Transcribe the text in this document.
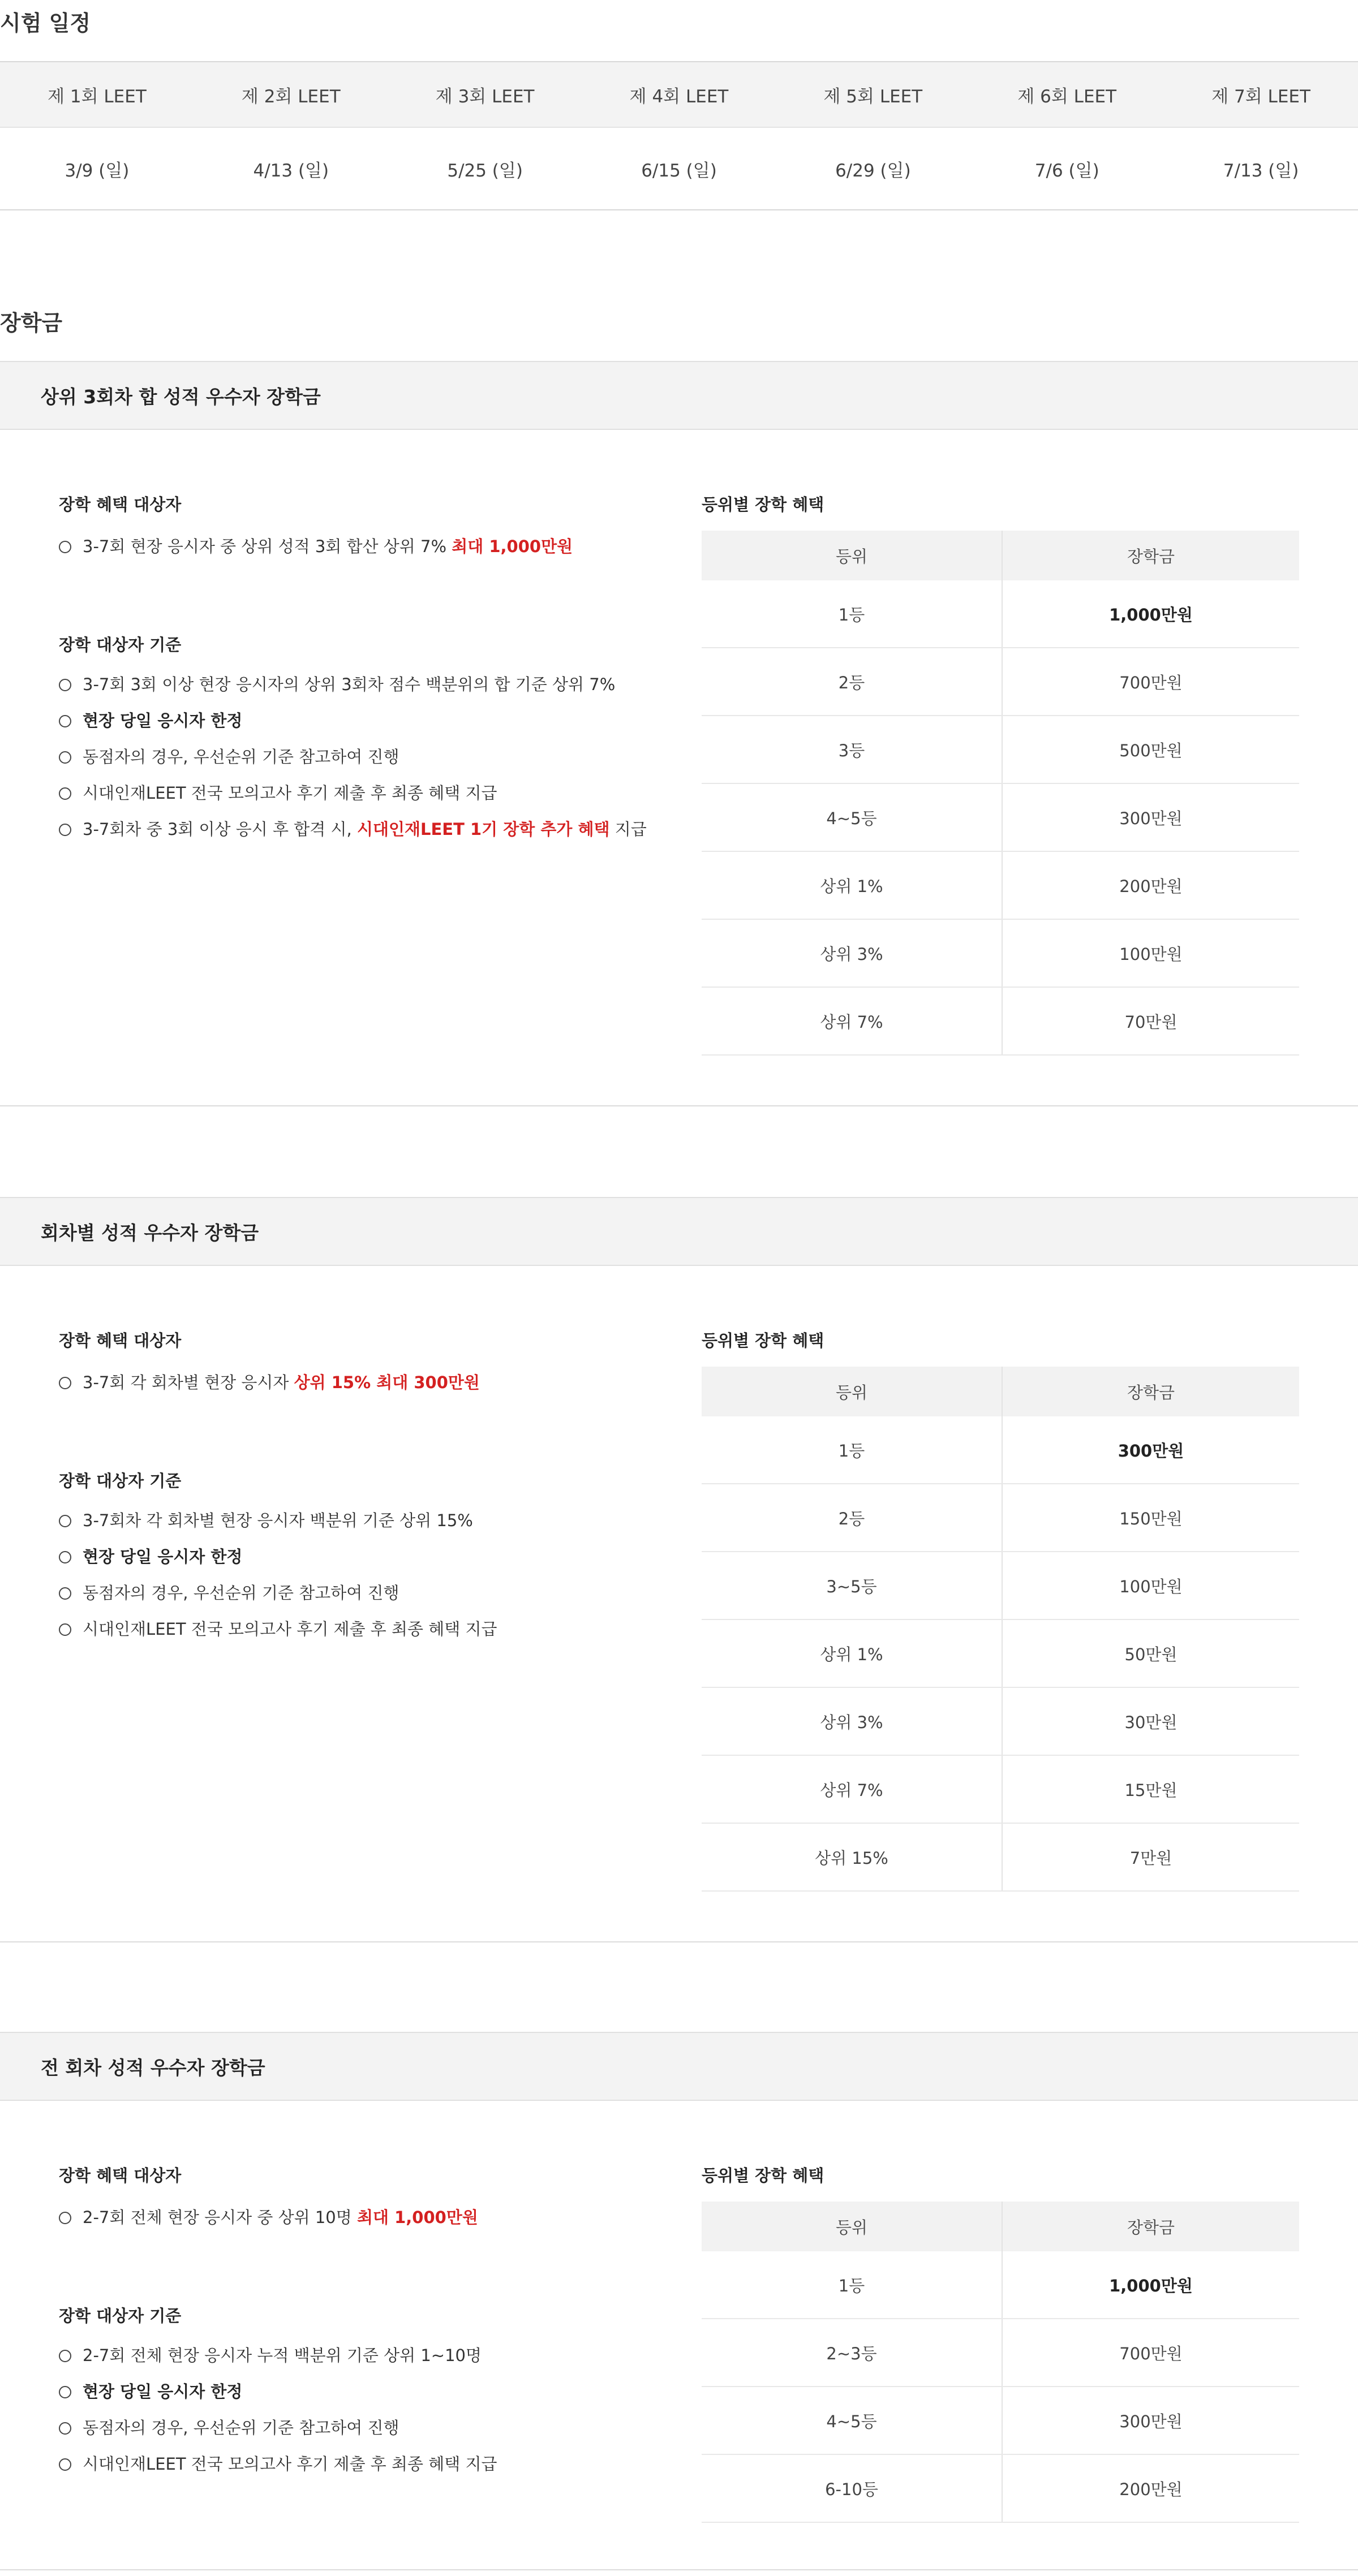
시험 일정
제 1회 LEET	제 2회 LEET	제 3회 LEET	제 4회 LEET	제 5회 LEET	제 6회 LEET	제 7회 LEET
3/9 (일)	4/13 (일)	5/25 (일)	6/15 (일)	6/29 (일)	7/6 (일)	7/13 (일)
장학금
상위 3회차 합 성적 우수자 장학금
장학 혜택 대상자
3-7회 현장 응시자 중 상위 성적 3회 합산 상위 7% 최대 1,000만원
장학 대상자 기준
3-7회 3회 이상 현장 응시자의 상위 3회차 점수 백분위의 합 기준 상위 7%
현장 당일 응시자 한정
동점자의 경우, 우선순위 기준 참고하여 진행
시대인재LEET 전국 모의고사 후기 제출 후 최종 혜택 지급
3-7회차 중 3회 이상 응시 후 합격 시, 시대인재LEET 1기 장학 추가 혜택 지급
등위별 장학 혜택
등위	장학금
1등	1,000만원
2등	700만원
3등	500만원
4~5등	300만원
상위 1%	200만원
상위 3%	100만원
상위 7%	70만원
회차별 성적 우수자 장학금
장학 혜택 대상자
3-7회 각 회차별 현장 응시자 상위 15% 최대 300만원
장학 대상자 기준
3-7회차 각 회차별 현장 응시자 백분위 기준 상위 15%
현장 당일 응시자 한정
동점자의 경우, 우선순위 기준 참고하여 진행
시대인재LEET 전국 모의고사 후기 제출 후 최종 혜택 지급
등위별 장학 혜택
등위	장학금
1등	300만원
2등	150만원
3~5등	100만원
상위 1%	50만원
상위 3%	30만원
상위 7%	15만원
상위 15%	7만원
전 회차 성적 우수자 장학금
장학 혜택 대상자
2-7회 전체 현장 응시자 중 상위 10명 최대 1,000만원
장학 대상자 기준
2-7회 전체 현장 응시자 누적 백분위 기준 상위 1~10명
현장 당일 응시자 한정
동점자의 경우, 우선순위 기준 참고하여 진행
시대인재LEET 전국 모의고사 후기 제출 후 최종 혜택 지급
등위별 장학 혜택
등위	장학금
1등	1,000만원
2~3등	700만원
4~5등	300만원
6-10등	200만원
